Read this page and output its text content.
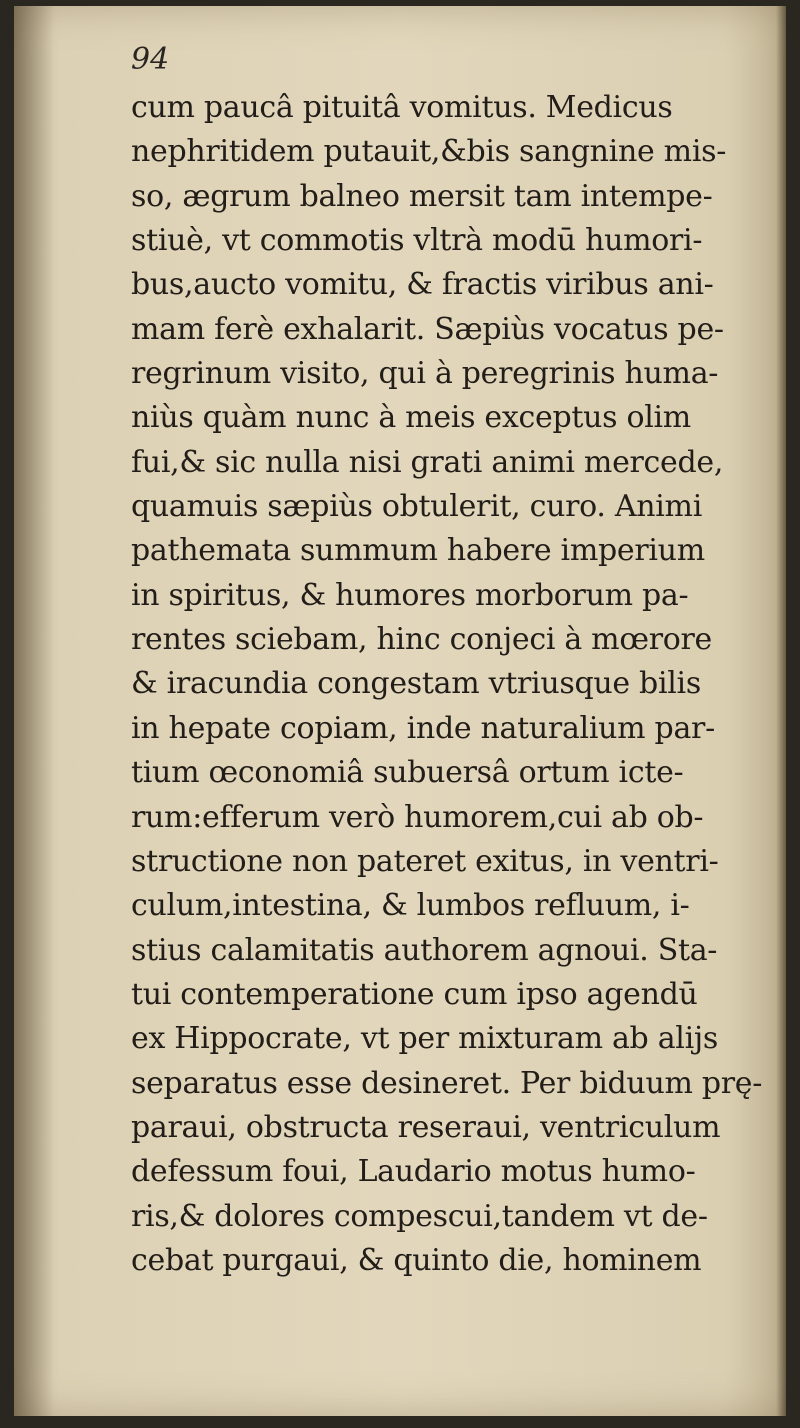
94
cum paucâ pituitâ vomitus. Medicus
nephritidem putauit,&bis sangnine mis-
so, ægrum balneo mersit tam intempe-
stiuè, vt commotis vltrà modū humori-
bus,aucto vomitu, & fractis viribus ani-
mam ferè exhalarit. Sæpiùs vocatus pe-
regrinum visito, qui à peregrinis huma-
niùs quàm nunc à meis exceptus olim
fui,& sic nulla nisi grati animi mercede,
quamuis sæpiùs obtulerit, curo. Animi
pathemata summum habere imperium
in spiritus, & humores morborum pa-
rentes sciebam, hinc conjeci à mœrore
& iracundia congestam vtriusque bilis
in hepate copiam, inde naturalium par-
tium œconomiâ subuersâ ortum icte-
rum:efferum verò humorem,cui ab ob-
structione non pateret exitus, in ventri-
culum,intestina, & lumbos refluum, i-
stius calamitatis authorem agnoui. Sta-
tui contemperatione cum ipso agendū
ex Hippocrate, vt per mixturam ab alijs
separatus esse desineret. Per biduum prę-
paraui, obstructa reseraui, ventriculum
defessum foui, Laudario motus humo-
ris,& dolores compescui,tandem vt de-
cebat purgaui, & quinto die, hominem
